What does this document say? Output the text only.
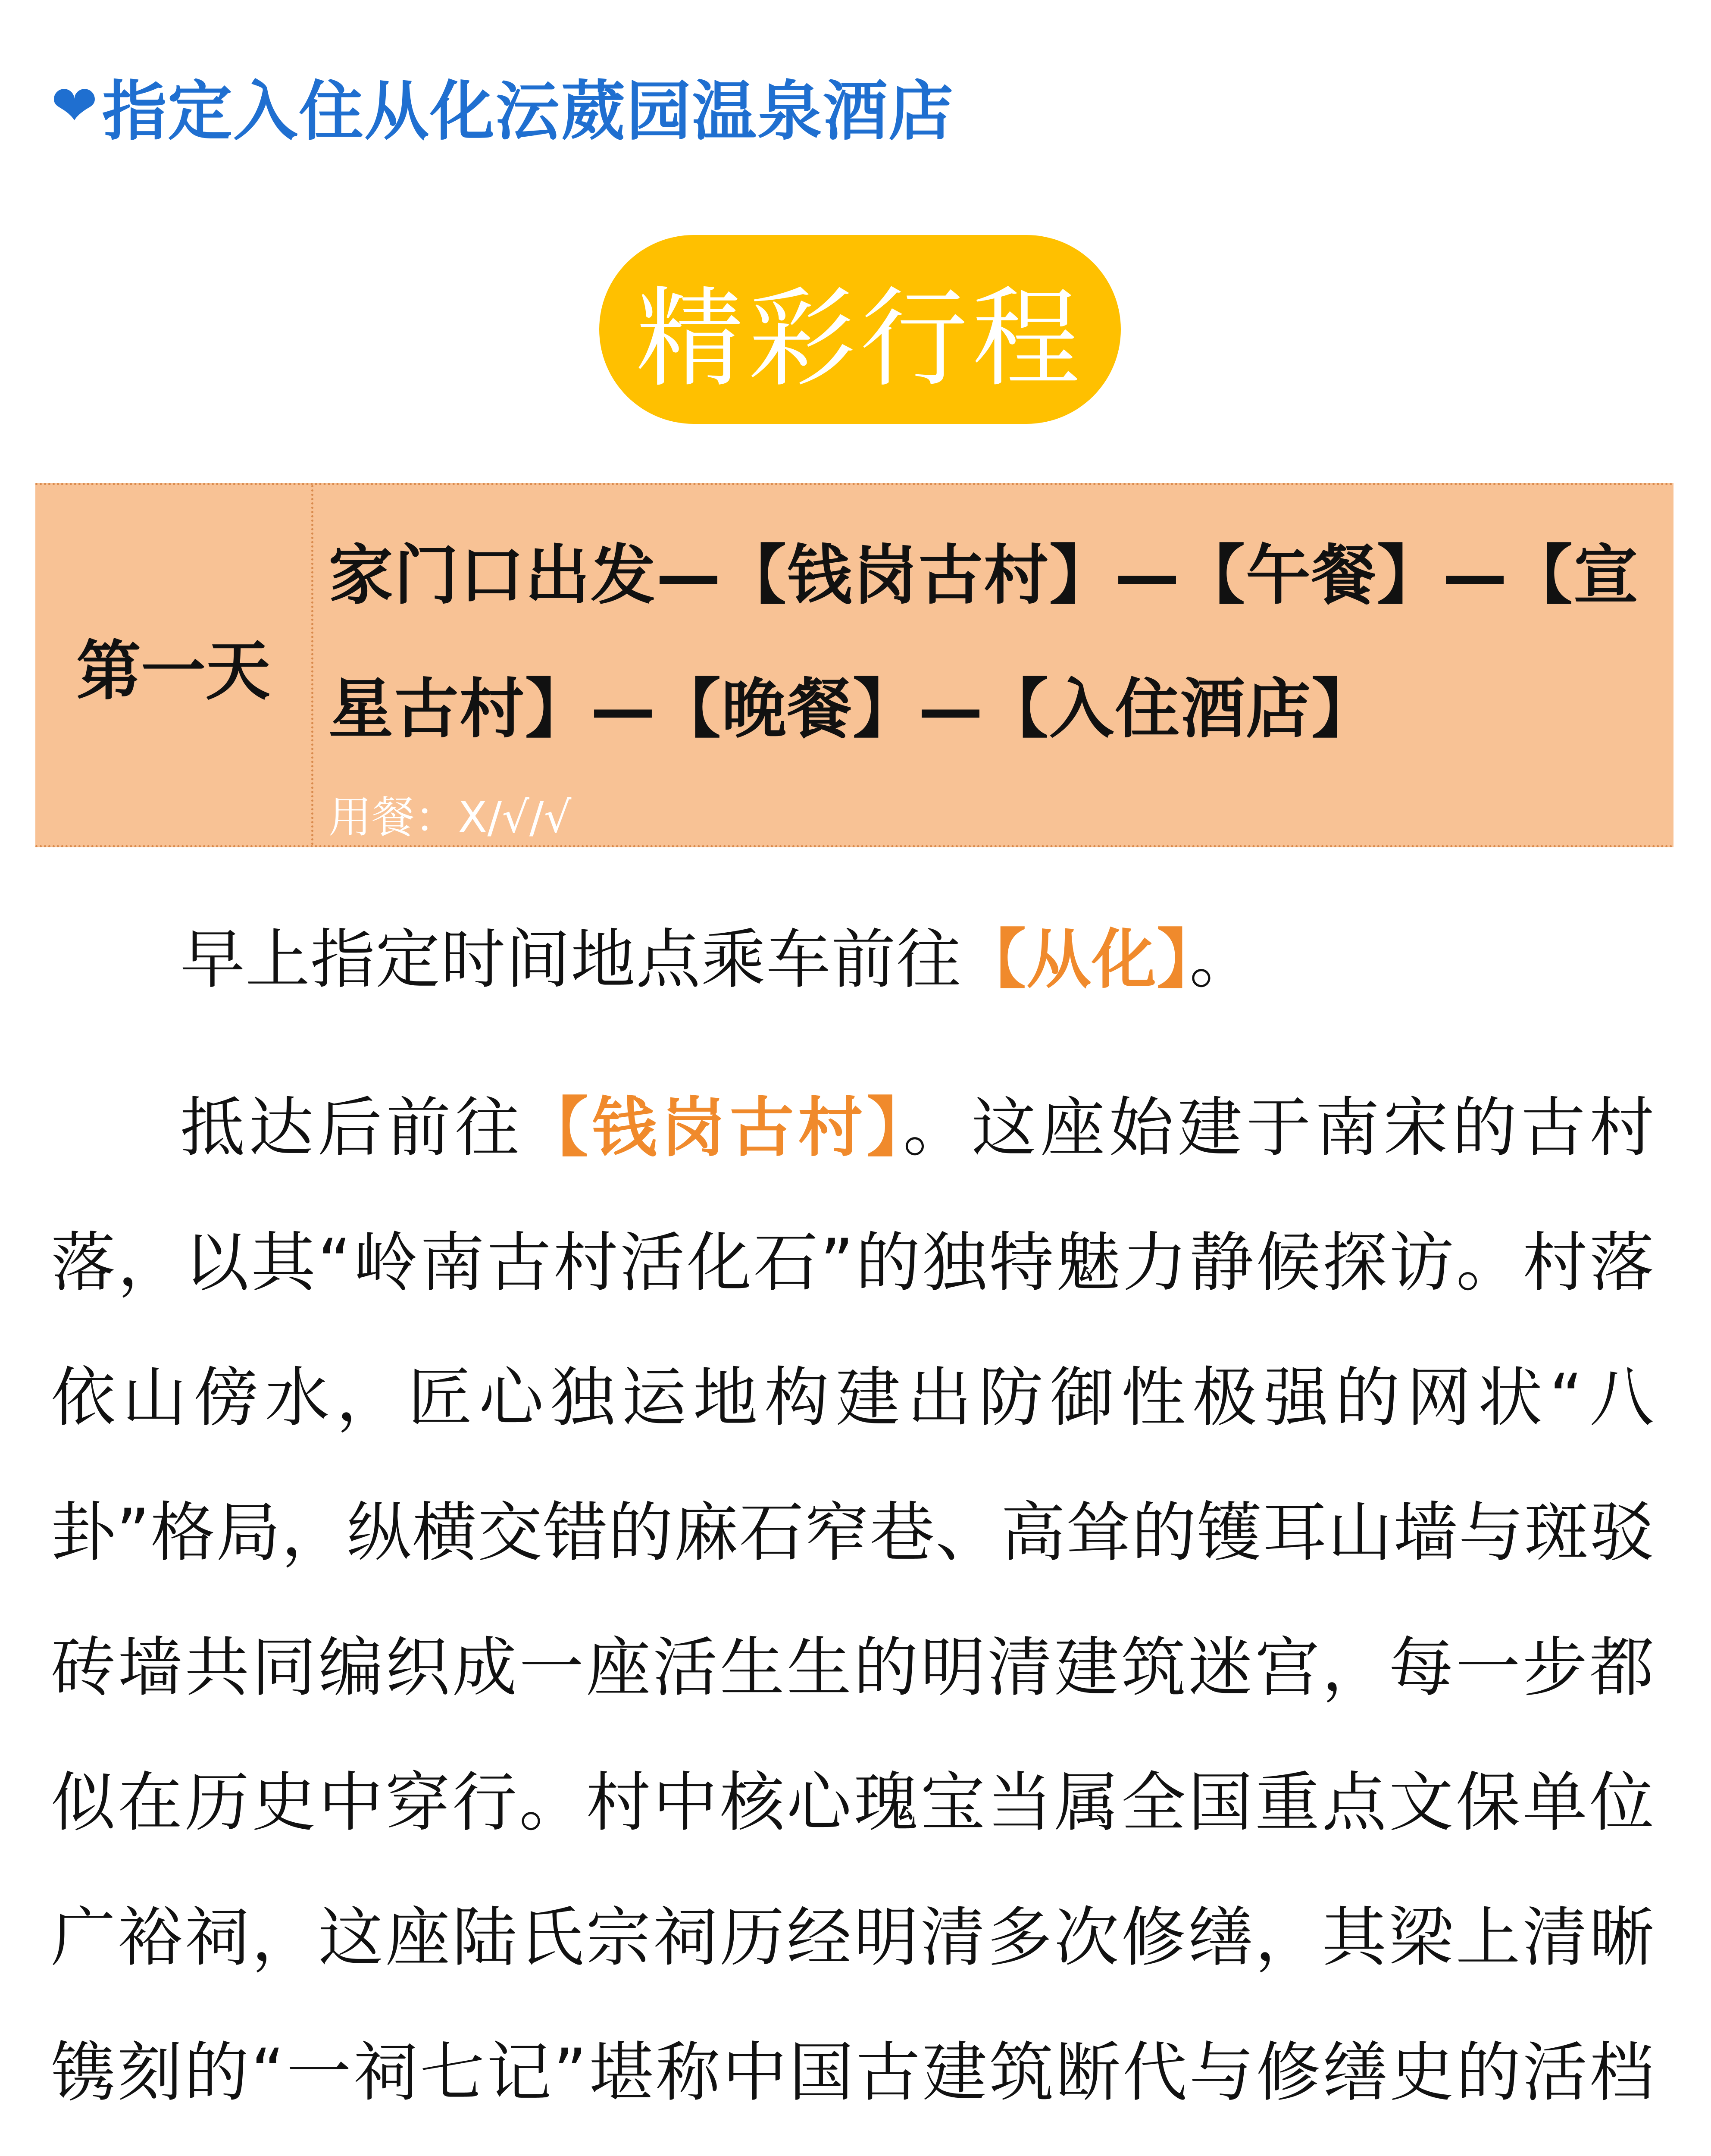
❤ 指定入住从化沄葳园温泉酒店
精彩行程
第一天
家门口出发—【钱岗古村】—【午餐】—【宣星古村】—【晚餐】—【入住酒店】
用餐：X/√/√

早上指定时间地点乘车前往【从化】。

抵达后前往【钱岗古村】。这座始建于南宋的古村落，以其“岭南古村活化石”的独特魅力静候探访。村落依山傍水，匠心独运地构建出防御性极强的网状“八卦”格局，纵横交错的麻石窄巷、高耸的镬耳山墙与斑驳砖墙共同编织成一座活生生的明清建筑迷宫，每一步都似在历史中穿行。村中核心瑰宝当属全国重点文保单位广裕祠，这座陆氏宗祠历经明清多次修缮，其梁上清晰镌刻的“一祠七记”堪称中国古建筑断代与修缮史的活档
